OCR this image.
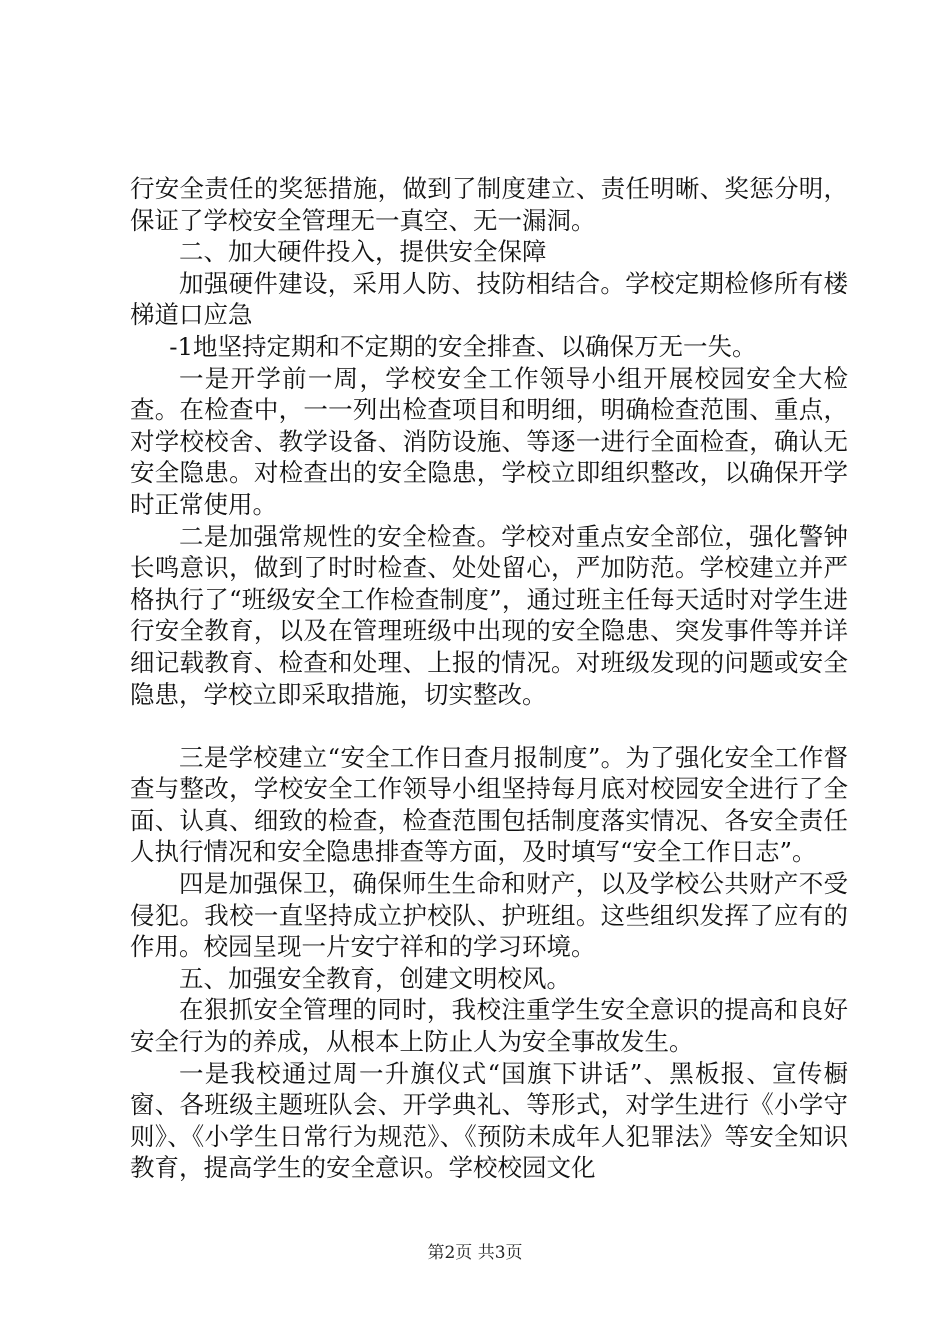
行安全责任的奖惩措施，做到了制度建立、责任明晰、奖惩分明，保证了学校安全管理无一真空、无一漏洞。

二、加大硬件投入，提供安全保障

加强硬件建设，采用人防、技防相结合。学校定期检修所有楼梯道口应急

-1地坚持定期和不定期的安全排查、以确保万无一失。

一是开学前一周，学校安全工作领导小组开展校园安全大检查。在检查中，一一列出检查项目和明细，明确检查范围、重点，对学校校舍、教学设备、消防设施、等逐一进行全面检查，确认无安全隐患。对检查出的安全隐患，学校立即组织整改，以确保开学时正常使用。

二是加强常规性的安全检查。学校对重点安全部位，强化警钟长鸣意识，做到了时时检查、处处留心，严加防范。学校建立并严格执行了“班级安全工作检查制度”，通过班主任每天适时对学生进行安全教育，以及在管理班级中出现的安全隐患、突发事件等并详细记载教育、检查和处理、上报的情况。对班级发现的问题或安全隐患，学校立即采取措施，切实整改。

三是学校建立“安全工作日查月报制度”。为了强化安全工作督查与整改，学校安全工作领导小组坚持每月底对校园安全进行了全面、认真、细致的检查，检查范围包括制度落实情况、各安全责任人执行情况和安全隐患排查等方面，及时填写“安全工作日志”。

四是加强保卫，确保师生生命和财产，以及学校公共财产不受侵犯。我校一直坚持成立护校队、护班组。这些组织发挥了应有的作用。校园呈现一片安宁祥和的学习环境。

五、加强安全教育，创建文明校风。

在狠抓安全管理的同时，我校注重学生安全意识的提高和良好安全行为的养成，从根本上防止人为安全事故发生。

一是我校通过周一升旗仪式“国旗下讲话”、黑板报、宣传橱窗、各班级主题班队会、开学典礼、等形式，对学生进行《小学守则》、《小学生日常行为规范》、《预防未成年人犯罪法》等安全知识教育，提高学生的安全意识。学校校园文化

第2页 共3页
